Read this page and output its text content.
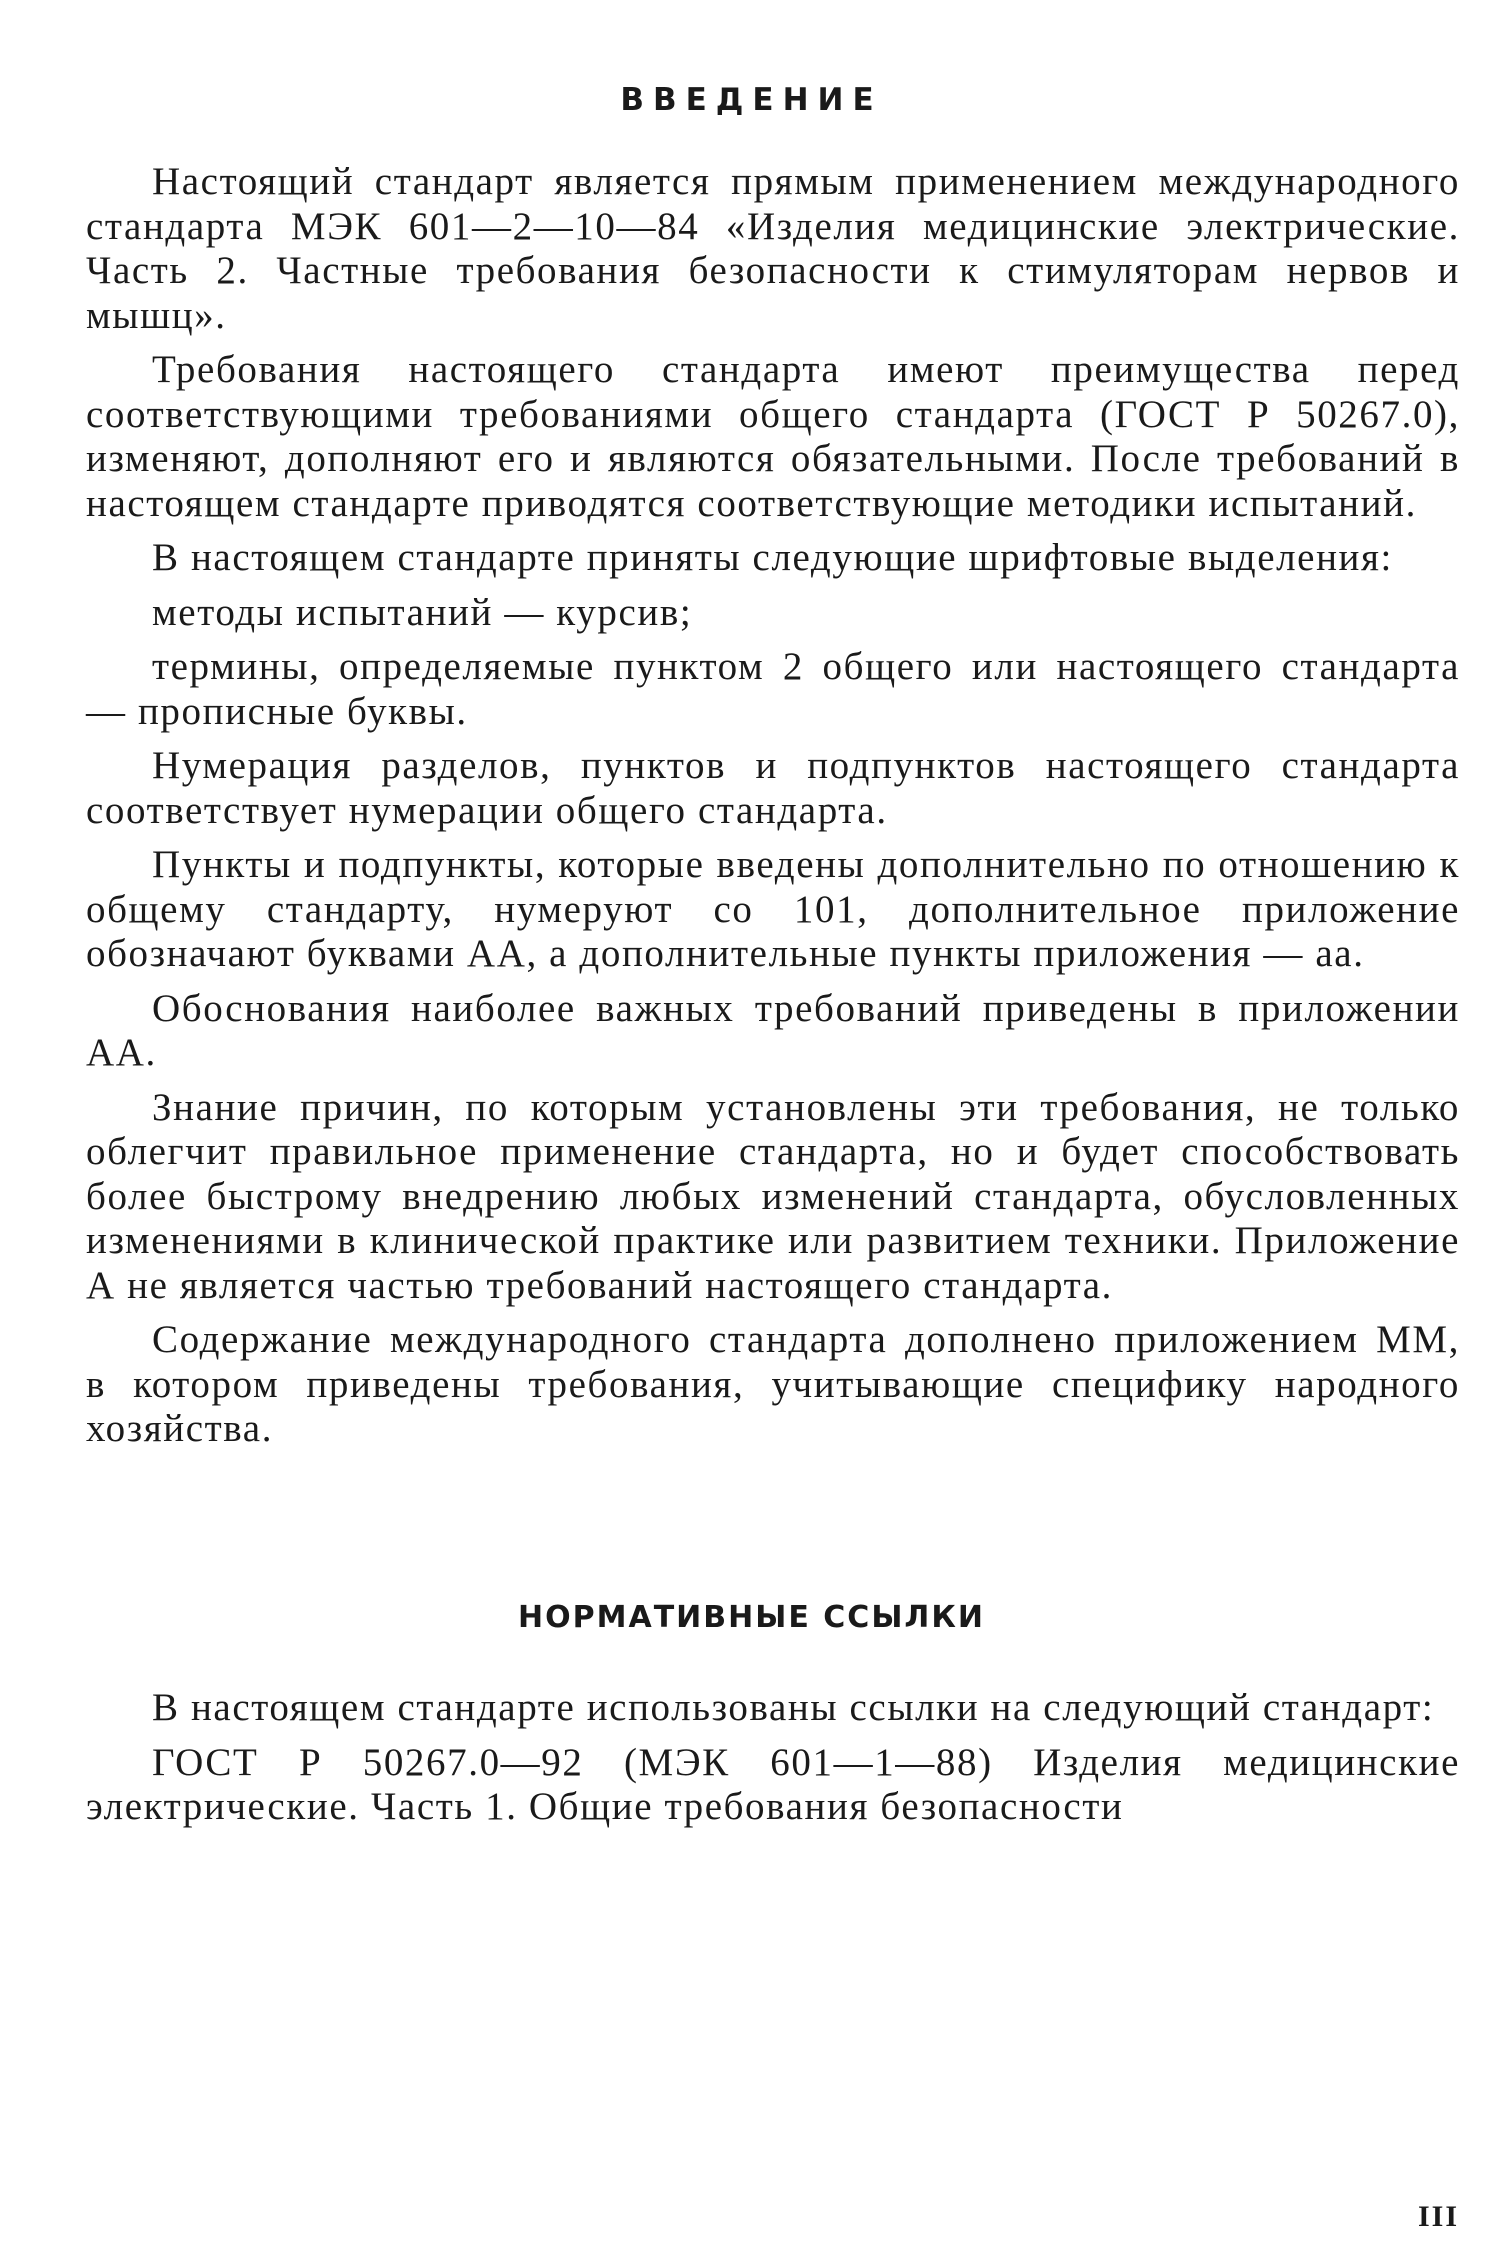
ВВЕДЕНИЕ

Настоящий стандарт является прямым применением международного стандарта МЭК 601—2—10—84 «Изделия медицинские электрические. Часть 2. Частные требования безопасности к стимуляторам нервов и мышц».

Требования настоящего стандарта имеют преимущества перед соответствующими требованиями общего стандарта (ГОСТ Р 50267.0), изменяют, дополняют его и являются обязательными. После требований в настоящем стандарте приводятся соответствующие методики испытаний.

В настоящем стандарте приняты следующие шрифтовые выделения:

методы испытаний — курсив;

термины, определяемые пунктом 2 общего или настоящего стандарта — прописные буквы.

Нумерация разделов, пунктов и подпунктов настоящего стандарта соответствует нумерации общего стандарта.

Пункты и подпункты, которые введены дополнительно по отношению к общему стандарту, нумеруют со 101, дополнительное приложение обозначают буквами АА, а дополнительные пункты приложения — аа.

Обоснования наиболее важных требований приведены в приложении АА.

Знание причин, по которым установлены эти требования, не только облегчит правильное применение стандарта, но и будет способствовать более быстрому внедрению любых изменений стандарта, обусловленных изменениями в клинической практике или развитием техники. Приложение А не является частью требований настоящего стандарта.

Содержание международного стандарта дополнено приложением ММ, в котором приведены требования, учитывающие специфику народного хозяйства.

НОРМАТИВНЫЕ ССЫЛКИ

В настоящем стандарте использованы ссылки на следующий стандарт:

ГОСТ Р 50267.0—92 (МЭК 601—1—88) Изделия медицинские электрические. Часть 1. Общие требования безопасности

III
